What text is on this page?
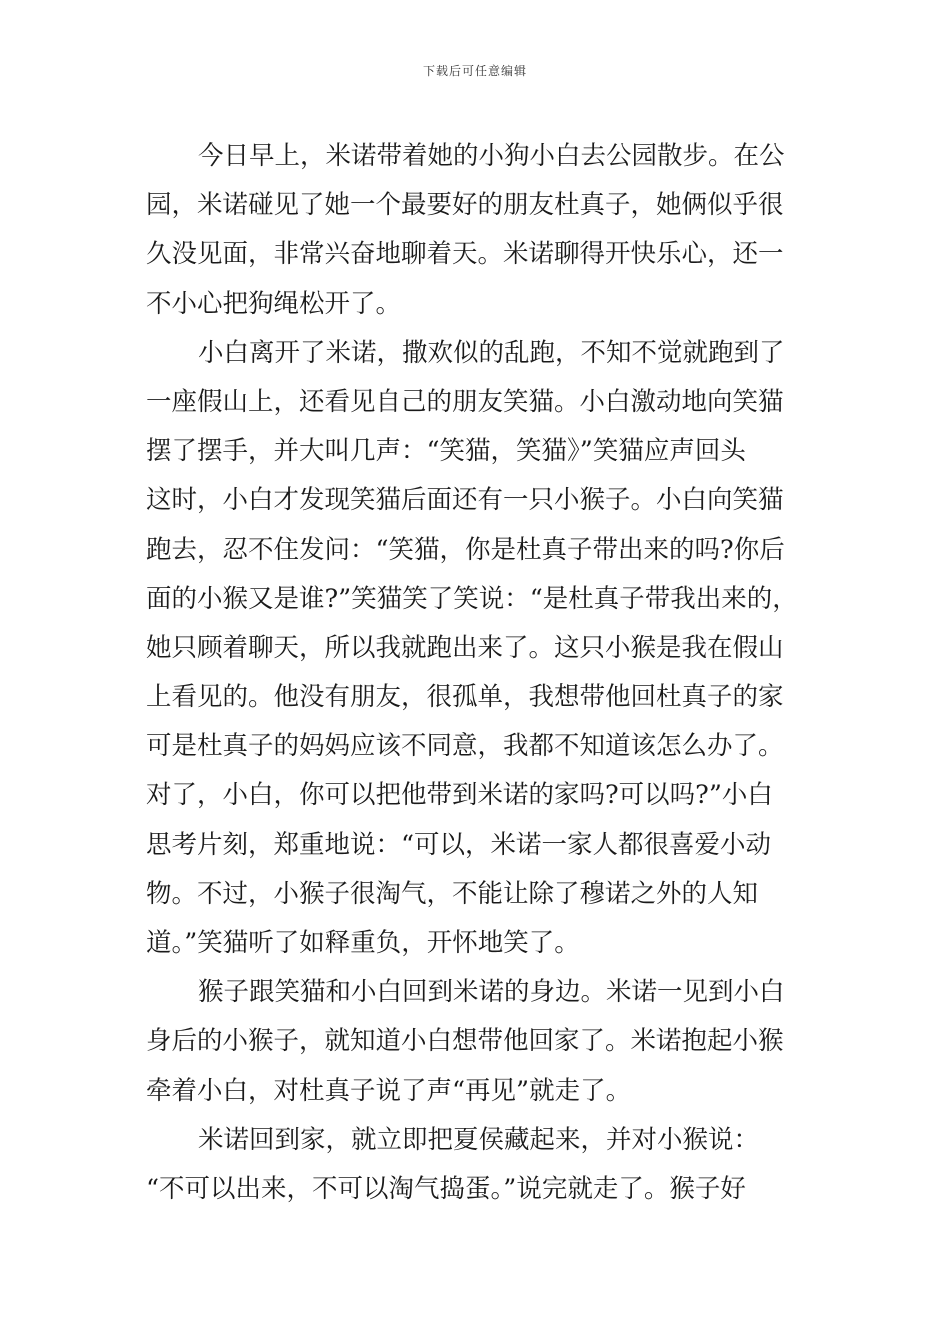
下载后可任意编辑
今日早上，米诺带着她的小狗小白去公园散步。在公
园，米诺碰见了她一个最要好的朋友杜真子，她俩似乎很
久没见面，非常兴奋地聊着天。米诺聊得开快乐心，还一
不小心把狗绳松开了。
小白离开了米诺，撒欢似的乱跑，不知不觉就跑到了
一座假山上，还看见自己的朋友笑猫。小白激动地向笑猫
摆了摆手，并大叫几声：“笑猫，笑猫》”笑猫应声回头
这时，小白才发现笑猫后面还有一只小猴子。小白向笑猫
跑去，忍不住发问：“笑猫，你是杜真子带出来的吗?你后
面的小猴又是谁?”笑猫笑了笑说：“是杜真子带我出来的，
她只顾着聊天，所以我就跑出来了。这只小猴是我在假山
上看见的。他没有朋友，很孤单，我想带他回杜真子的家
可是杜真子的妈妈应该不同意，我都不知道该怎么办了。
对了，小白，你可以把他带到米诺的家吗?可以吗?”小白
思考片刻，郑重地说：“可以，米诺一家人都很喜爱小动
物。不过，小猴子很淘气，不能让除了穆诺之外的人知
道。”笑猫听了如释重负，开怀地笑了。
猴子跟笑猫和小白回到米诺的身边。米诺一见到小白
身后的小猴子，就知道小白想带他回家了。米诺抱起小猴
牵着小白，对杜真子说了声“再见”就走了。
米诺回到家，就立即把夏侯藏起来，并对小猴说：
“不可以出来，不可以淘气捣蛋。”说完就走了。猴子好
